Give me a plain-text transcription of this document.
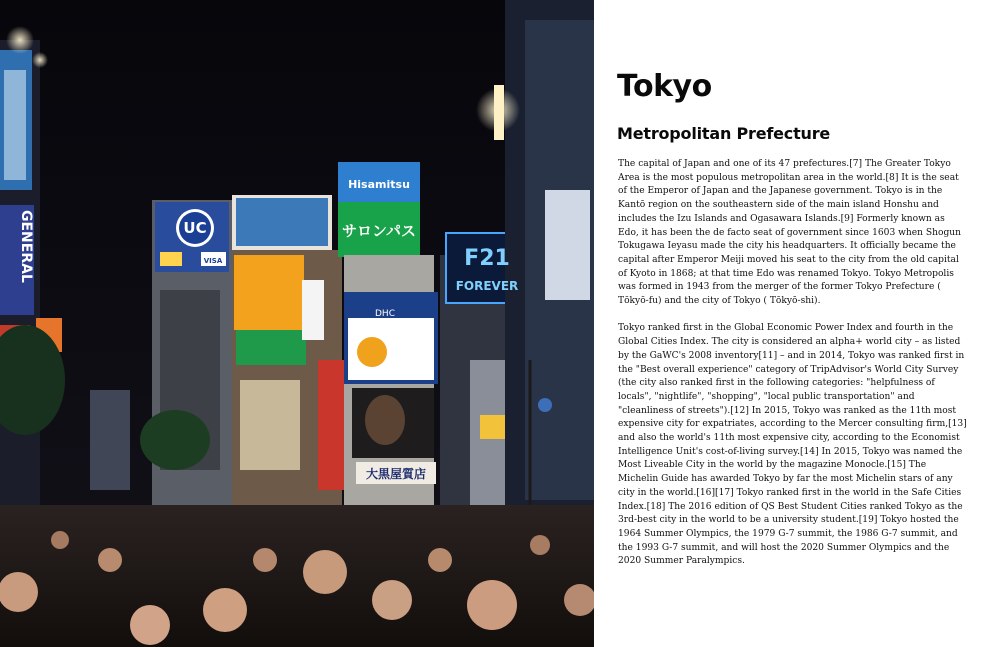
UC
VISA
Hisamitsu
サロンパス
F21
FOREVER
DHC
大黒屋質店
GENERAL
Tokyo
Metropolitan Prefecture

The capital of Japan and one of its 47 prefectures.[7] The Greater Tokyo Area is the most populous metropolitan area in the world.[8] It is the seat of the Emperor of Japan and the Japanese government. Tokyo is in the Kantō region on the southeastern side of the main island Honshu and includes the Izu Islands and Ogasawara Islands.[9] Formerly known as Edo, it has been the de facto seat of government since 1603 when Shogun Tokugawa Ieyasu made the city his headquarters. It officially became the capital after Emperor Meiji moved his seat to the city from the old capital of Kyoto in 1868; at that time Edo was renamed Tokyo. Tokyo Metropolis was formed in 1943 from the merger of the former Tokyo Prefecture ( Tōkyō-fu) and the city of Tokyo ( Tōkyō-shi).

Tokyo ranked first in the Global Economic Power Index and fourth in the Global Cities Index. The city is considered an alpha+ world city – as listed by the GaWC's 2008 inventory[11] – and in 2014, Tokyo was ranked first in the "Best overall experience" category of TripAdvisor's World City Survey (the city also ranked first in the following categories: "helpfulness of locals", "nightlife", "shopping", "local public transportation" and "cleanliness of streets").[12] In 2015, Tokyo was ranked as the 11th most expensive city for expatriates, according to the Mercer consulting firm,[13] and also the world's 11th most expensive city, according to the Economist Intelligence Unit's cost-of-living survey.[14] In 2015, Tokyo was named the Most Liveable City in the world by the magazine Monocle.[15] The Michelin Guide has awarded Tokyo by far the most Michelin stars of any city in the world.[16][17] Tokyo ranked first in the world in the Safe Cities Index.[18] The 2016 edition of QS Best Student Cities ranked Tokyo as the 3rd-best city in the world to be a university student.[19] Tokyo hosted the 1964 Summer Olympics, the 1979 G-7 summit, the 1986 G-7 summit, and the 1993 G-7 summit, and will host the 2020 Summer Olympics and the 2020 Summer Paralympics.
